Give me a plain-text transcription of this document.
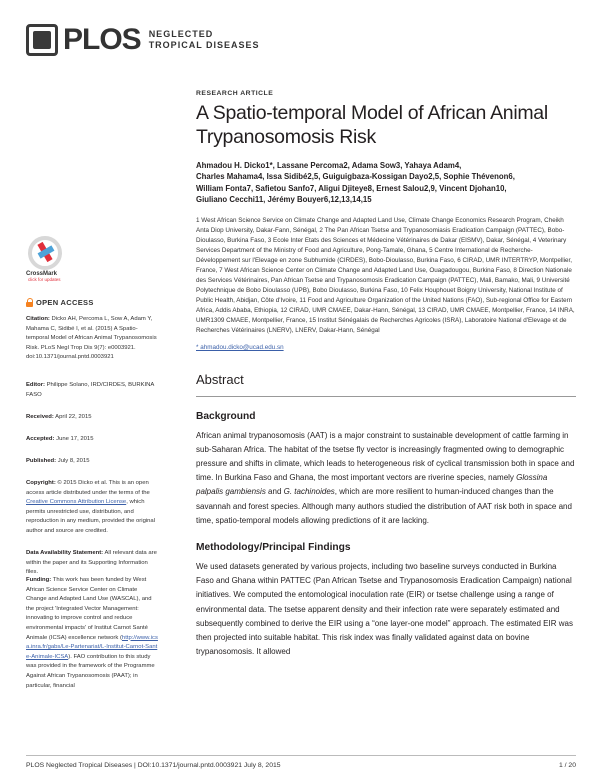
PLOS NEGLECTED
TROPICAL DISEASES
CrossMark
click for updates
OPEN ACCESS
Citation: Dicko AH, Percoma L, Sow A, Adam Y, Mahama C, Sidibé I, et al. (2015) A Spatio-temporal Model of African Animal Trypanosomosis Risk. PLoS Negl Trop Dis 9(7): e0003921. doi:10.1371/journal.pntd.0003921
Editor: Philippe Solano, IRD/CIRDES, BURKINA FASO
Received: April 22, 2015
Accepted: June 17, 2015
Published: July 8, 2015
Copyright: © 2015 Dicko et al. This is an open access article distributed under the terms of the Creative Commons Attribution License, which permits unrestricted use, distribution, and reproduction in any medium, provided the original author and source are credited.
Data Availability Statement: All relevant data are within the paper and its Supporting Information files.
Funding: This work has been funded by West African Science Service Center on Climate Change and Adapted Land Use (WASCAL), and the project 'Integrated Vector Management: innovating to improve control and reduce environmental impacts' of Institut Carnot Santé Animale (ICSA) excellence network (http://www.icsa.inra.fr/gabs/Le-Partenariat/L-Institut-Carnot-Sante-Animale-ICSA). FAO contribution to this study was provided in the framework of the Programme Against African Trypanosomosis (PAAT); in particular, financial
RESEARCH ARTICLE
A Spatio-temporal Model of African Animal
Trypanosomosis Risk
Ahmadou H. Dicko1*, Lassane Percoma2, Adama Sow3, Yahaya Adam4,
Charles Mahama4, Issa Sidibé2,5, Guiguigbaza-Kossigan Dayo2,5, Sophie Thévenon6,
William Fonta7, Safietou Sanfo7, Aligui Djiteye8, Ernest Salou2,9, Vincent Djohan10,
Giuliano Cecchi11, Jérémy Bouyer6,12,13,14,15
1 West African Science Service on Climate Change and Adapted Land Use, Climate Change Economics Research Program, Cheikh Anta Diop University, Dakar-Fann, Sénégal, 2 The Pan African Tsetse and Trypanosomiasis Eradication Campaign (PATTEC), Bobo-Dioulasso, Burkina Faso, 3 Ecole Inter Etats des Sciences et Médecine Vétérinaires de Dakar (EISMV), Dakar, Sénégal, 4 Veterinary Services Department of the Ministry of Food and Agriculture, Pong-Tamale, Ghana, 5 Centre International de Recherche-Développement sur l'Elevage en zone Subhumide (CIRDES), Bobo-Dioulasso, Burkina Faso, 6 CIRAD, UMR INTERTRYP, Montpellier, France, 7 West African Science Center on Climate Change and Adapted Land Use, Ouagadougou, Burkina Faso, 8 Direction Nationale des Services Vétérinaires, Pan African Tsetse and Trypanosomosis Eradication Campaign (PATTEC), Mali, Bamako, Mali, 9 Université Polytechnique de Bobo Dioulasso (UPB), Bobo Dioulasso, Burkina Faso, 10 Felix Houphouet Boigny University, National Institute of Public Health, Abidjan, Côte d'Ivoire, 11 Food and Agriculture Organization of the United Nations (FAO), Sub-regional Office for Eastern Africa, Addis Ababa, Ethiopia, 12 CIRAD, UMR CMAEE, Dakar-Hann, Sénégal, 13 CIRAD, UMR CMAEE, Montpellier, France, 14 INRA, UMR1309 CMAEE, Montpellier, France, 15 Institut Sénégalais de Recherches Agricoles (ISRA), Laboratoire National d'Elevage et de Recherches Vétérinaires (LNERV), LNERV, Dakar-Hann, Sénégal
* ahmadou.dicko@ucad.edu.sn
Abstract
Background

African animal trypanosomosis (AAT) is a major constraint to sustainable development of cattle farming in sub-Saharan Africa. The habitat of the tsetse fly vector is increasingly fragmented owing to demographic pressure and shifts in climate, which leads to heterogeneous risk of cyclical transmission both in space and time. In Burkina Faso and Ghana, the most important vectors are riverine species, namely Glossina palpalis gambiensis and G. tachinoides, which are more resilient to human-induced changes than the savannah and forest species. Although many authors studied the distribution of AAT risk both in space and time, spatio-temporal models allowing predictions of it are lacking.

Methodology/Principal Findings

We used datasets generated by various projects, including two baseline surveys conducted in Burkina Faso and Ghana within PATTEC (Pan African Tsetse and Trypanosomosis Eradication Campaign) national initiatives. We computed the entomological inoculation rate (EIR) or tsetse challenge using a range of environmental data. The tsetse apparent density and their infection rate were separately estimated and subsequently combined to derive the EIR using a “one layer-one model” approach. The estimated EIR was then projected into suitable habitat. This risk index was finally validated against data on bovine trypanosomosis. It allowed

PLOS Neglected Tropical Diseases | DOI:10.1371/journal.pntd.0003921 July 8, 2015	1 / 20
